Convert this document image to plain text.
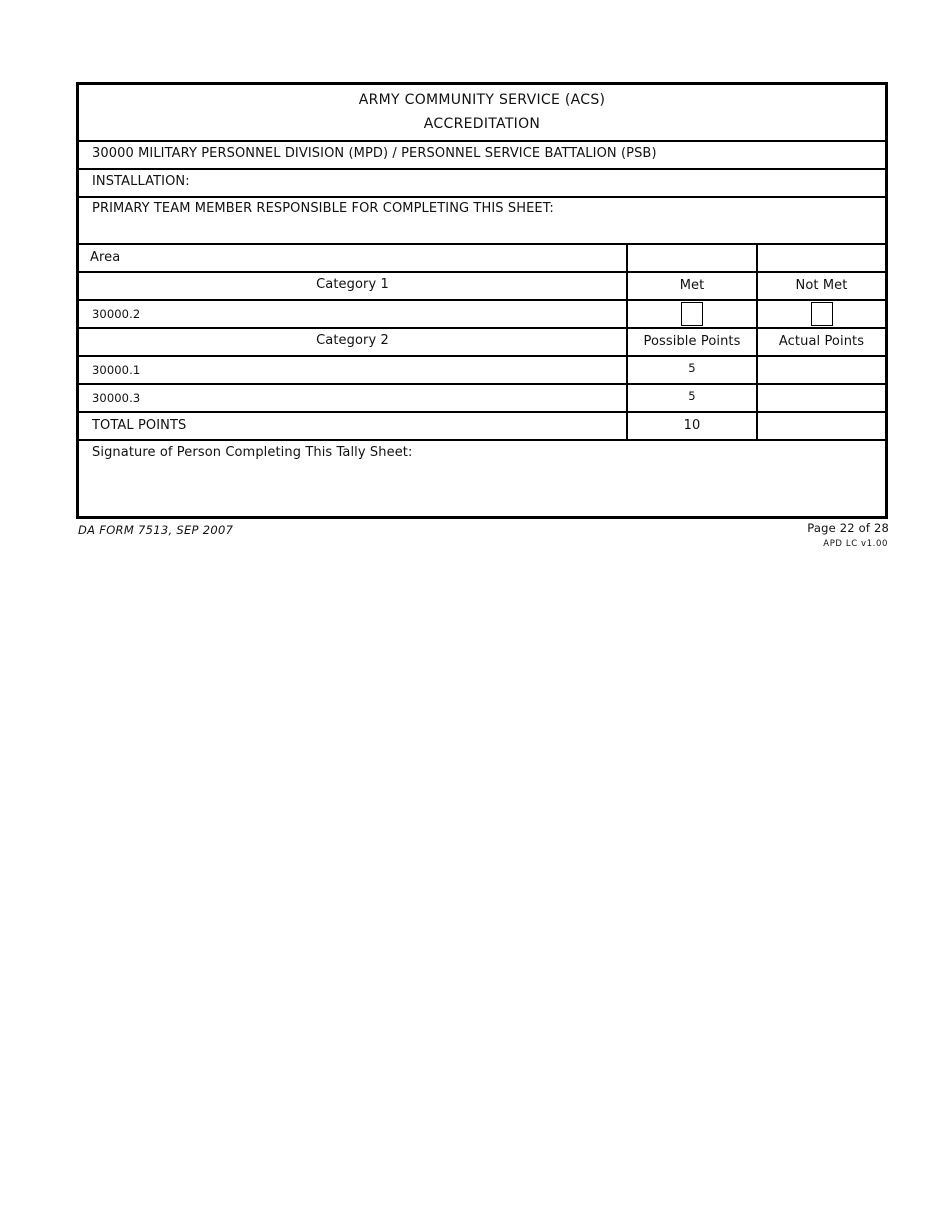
ARMY COMMUNITY SERVICE (ACS)
ACCREDITATION
30000 MILITARY PERSONNEL DIVISION (MPD) / PERSONNEL SERVICE BATTALION (PSB)
INSTALLATION:
PRIMARY TEAM MEMBER RESPONSIBLE FOR COMPLETING THIS SHEET:
Area
Category 1	Met	Not Met
30000.2
Category 2	Possible Points	Actual Points
30000.1	5
30000.3	5
TOTAL POINTS	10
Signature of Person Completing This Tally Sheet:
DA FORM 7513, SEP 2007	Page 22 of 28
APD LC v1.00
